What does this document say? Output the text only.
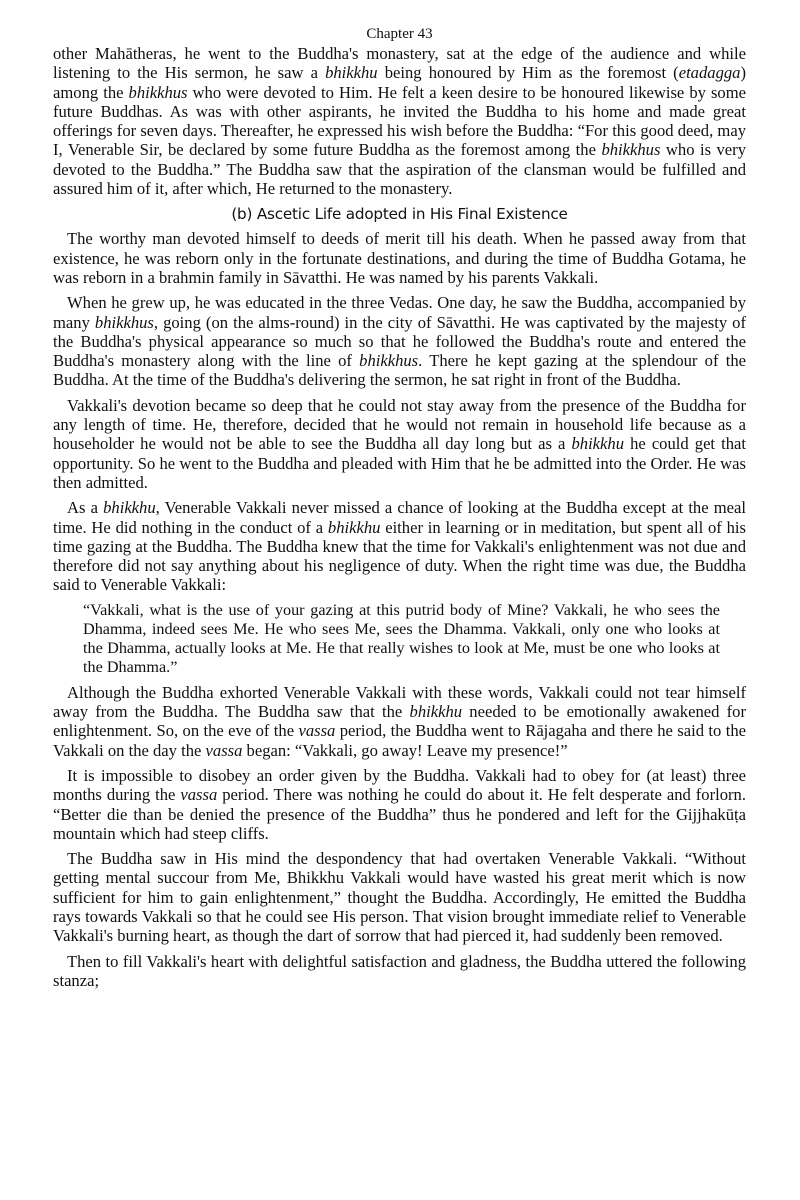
Chapter 43

other Mahātheras, he went to the Buddha's monastery, sat at the edge of the audience and while listening to the His sermon, he saw a bhikkhu being honoured by Him as the foremost (etadagga) among the bhikkhus who were devoted to Him. He felt a keen desire to be honoured likewise by some future Buddhas. As was with other aspirants, he invited the Buddha to his home and made great offerings for seven days. Thereafter, he expressed his wish before the Buddha: “For this good deed, may I, Venerable Sir, be declared by some future Buddha as the foremost among the bhikkhus who is very devoted to the Buddha.” The Buddha saw that the aspiration of the clansman would be fulfilled and assured him of it, after which, He returned to the monastery.

(b) Ascetic Life adopted in His Final Existence

The worthy man devoted himself to deeds of merit till his death. When he passed away from that existence, he was reborn only in the fortunate destinations, and during the time of Buddha Gotama, he was reborn in a brahmin family in Sāvatthi. He was named by his parents Vakkali.

When he grew up, he was educated in the three Vedas. One day, he saw the Buddha, accompanied by many bhikkhus, going (on the alms-round) in the city of Sāvatthi. He was captivated by the majesty of the Buddha's physical appearance so much so that he followed the Buddha's route and entered the Buddha's monastery along with the line of bhikkhus. There he kept gazing at the splendour of the Buddha. At the time of the Buddha's delivering the sermon, he sat right in front of the Buddha.

Vakkali's devotion became so deep that he could not stay away from the presence of the Buddha for any length of time. He, therefore, decided that he would not remain in household life because as a householder he would not be able to see the Buddha all day long but as a bhikkhu he could get that opportunity. So he went to the Buddha and pleaded with Him that he be admitted into the Order. He was then admitted.

As a bhikkhu, Venerable Vakkali never missed a chance of looking at the Buddha except at the meal time. He did nothing in the conduct of a bhikkhu either in learning or in meditation, but spent all of his time gazing at the Buddha. The Buddha knew that the time for Vakkali's enlightenment was not due and therefore did not say anything about his negligence of duty. When the right time was due, the Buddha said to Venerable Vakkali:

“Vakkali, what is the use of your gazing at this putrid body of Mine? Vakkali, he who sees the Dhamma, indeed sees Me. He who sees Me, sees the Dhamma. Vakkali, only one who looks at the Dhamma, actually looks at Me. He that really wishes to look at Me, must be one who looks at the Dhamma.”

Although the Buddha exhorted Venerable Vakkali with these words, Vakkali could not tear himself away from the Buddha. The Buddha saw that the bhikkhu needed to be emotionally awakened for enlightenment. So, on the eve of the vassa period, the Buddha went to Rājagaha and there he said to the Vakkali on the day the vassa began: “Vakkali, go away! Leave my presence!”

It is impossible to disobey an order given by the Buddha. Vakkali had to obey for (at least) three months during the vassa period. There was nothing he could do about it. He felt desperate and forlorn. “Better die than be denied the presence of the Buddha” thus he pondered and left for the Gijjhakūṭa mountain which had steep cliffs.

The Buddha saw in His mind the despondency that had overtaken Venerable Vakkali. “Without getting mental succour from Me, Bhikkhu Vakkali would have wasted his great merit which is now sufficient for him to gain enlightenment,” thought the Buddha. Accordingly, He emitted the Buddha rays towards Vakkali so that he could see His person. That vision brought immediate relief to Venerable Vakkali's burning heart, as though the dart of sorrow that had pierced it, had suddenly been removed.

Then to fill Vakkali's heart with delightful satisfaction and gladness, the Buddha uttered the following stanza;
